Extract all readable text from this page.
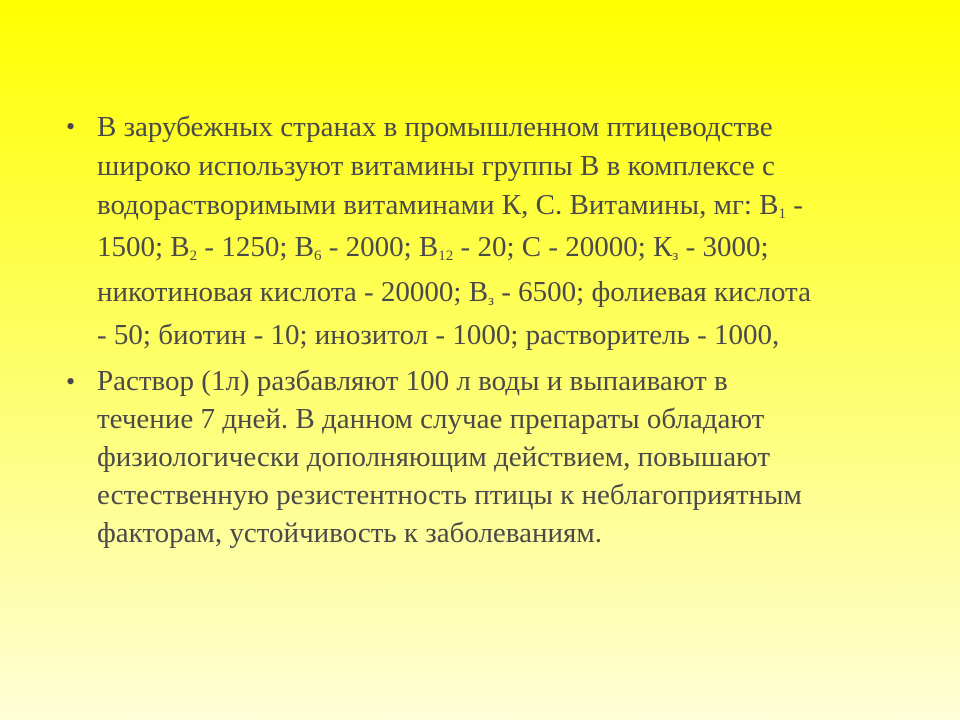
• В зарубежных странах в промышленном птицеводстве
широко используют витамины группы В в комплексе с
водорастворимыми витаминами К, С. Витамины, мг: $В_1$ -
1500; $В_2 - 1250$; $В_6 - 2000$; $В_{12} - 20$; С - 20000; $К_з - 3000$;
никотиновая кислота - 20000; $В_з - 6500$; фолиевая кислота
- 50; биотин - 10; инозитол - 1000; растворитель - 1000,
• Раствор (1л) разбавляют 100 л воды и выпаивают в
течение 7 дней. В данном случае препараты обладают
физиологически дополняющим действием, повышают
естественную резистентность птицы к неблагоприятным
факторам, устойчивость к заболеваниям.
